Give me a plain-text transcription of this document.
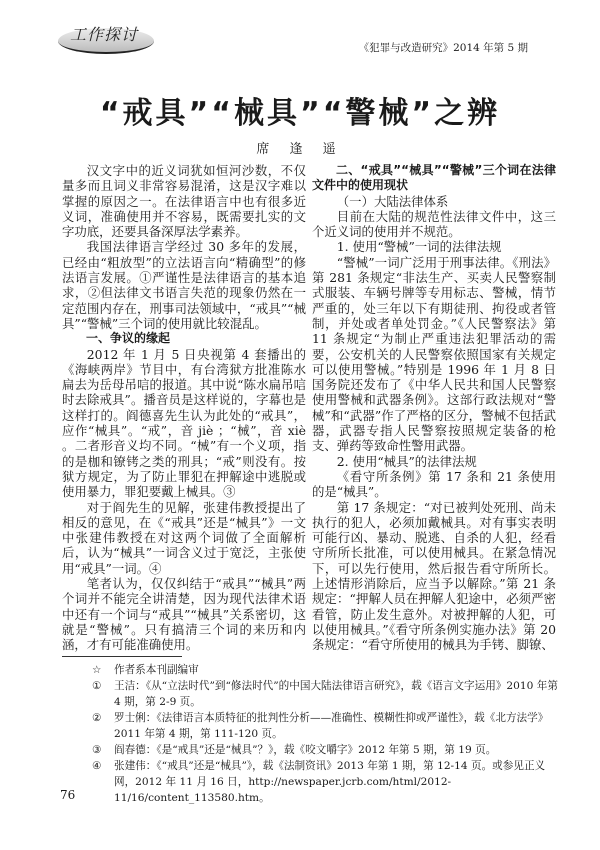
工作探讨
《犯罪与改造研究》2014 年第 5 期
“戒具”“械具”“警械”之辨
席 逢 遥

汉文字中的近义词犹如恒河沙数，不仅量多而且词义非常容易混淆，这是汉字难以掌握的原因之一。在法律语言中也有很多近义词，准确使用并不容易，既需要扎实的文字功底，还要具备深厚法学素养。

我国法律语言学经过 30 多年的发展，已经由“粗放型”的立法语言向“精确型”的修法语言发展。①严谨性是法律语言的基本追求，②但法律文书语言失范的现象仍然在一定范围内存在，刑事司法领域中，“戒具”“械具”“警械”三个词的使用就比较混乱。

一、争议的缘起

2012 年 1 月 5 日央视第 4 套播出的《海峡两岸》节目中，有台湾狱方批准陈水扁去为岳母吊唁的报道。其中说“陈水扁吊唁时去除戒具”。播音员是这样说的，字幕也是这样打的。阎德喜先生认为此处的“戒具”，应作“械具”。“戒”，音 jiè ；“械”，音 xiè 。二者形音义均不同。“械”有一个义项，指的是枷和镣铐之类的刑具；“戒”则没有。按狱方规定，为了防止罪犯在押解途中逃脱或使用暴力，罪犯要戴上械具。③

对于阎先生的见解，张建伟教授提出了相反的意见，在《“戒具”还是“械具”》一文中张建伟教授在对这两个词做了全面解析后，认为“械具”一词含义过于宽泛，主张使用“戒具”一词。④

笔者认为，仅仅纠结于“戒具”“械具”两个词并不能完全讲清楚，因为现代法律术语中还有一个词与“戒具”“械具”关系密切，这就是“警械”。只有搞清三个词的来历和内涵，才有可能准确使用。

二、“戒具”“械具”“警械”三个词在法律文件中的使用现状

（一）大陆法律体系

目前在大陆的规范性法律文件中，这三个近义词的使用并不规范。

1. 使用“警械”一词的法律法规

“警械”一词广泛用于刑事法律。《刑法》第 281 条规定“非法生产、买卖人民警察制式服装、车辆号牌等专用标志、警械，情节严重的，处三年以下有期徒刑、拘役或者管制，并处或者单处罚金。”《人民警察法》第 11 条规定“为制止严重违法犯罪活动的需要，公安机关的人民警察依照国家有关规定可以使用警械。”特别是 1996 年 1 月 8 日国务院还发布了《中华人民共和国人民警察使用警械和武器条例》。这部行政法规对“警械”和“武器”作了严格的区分，警械不包括武器，武器专指人民警察按照规定装备的枪支、弹药等致命性警用武器。

2. 使用“械具”的法律法规

《看守所条例》第 17 条和 21 条使用的是“械具”。

第 17 条规定：“对已被判处死刑、尚未执行的犯人，必须加戴械具。对有事实表明可能行凶、暴动、脱逃、自杀的人犯，经看守所所长批准，可以使用械具。在紧急情况下，可以先行使用，然后报告看守所所长。上述情形消除后，应当予以解除。”第 21 条规定：“押解人员在押解人犯途中，必须严密看管，防止发生意外。对被押解的人犯，可以使用械具。”《看守所条例实施办法》第 20 条规定：“看守所使用的械具为手铐、脚镣、

☆	作者系本刊副编审
①	王洁：《从“立法时代”到“修法时代”的中国大陆法律语言研究》，载《语言文字运用》2010 年第 4 期，第 2-9 页。
②	罗士俐：《法律语言本质特征的批判性分析——准确性、模糊性抑或严谨性》，载《北方法学》2011 年第 4 期，第 111-120 页。
③	阎春德：《是“戒具”还是“械具”？》，载《咬文嚼字》2012 年第 5 期，第 19 页。
④	张建伟：《“戒具”还是“械具”》，载《法制资讯》2013 年第 1 期，第 12-14 页。或参见正义网，2012 年 11 月 16 日，http://newspaper.jcrb.com/html/2012-11/16/content_113580.htm。
76
